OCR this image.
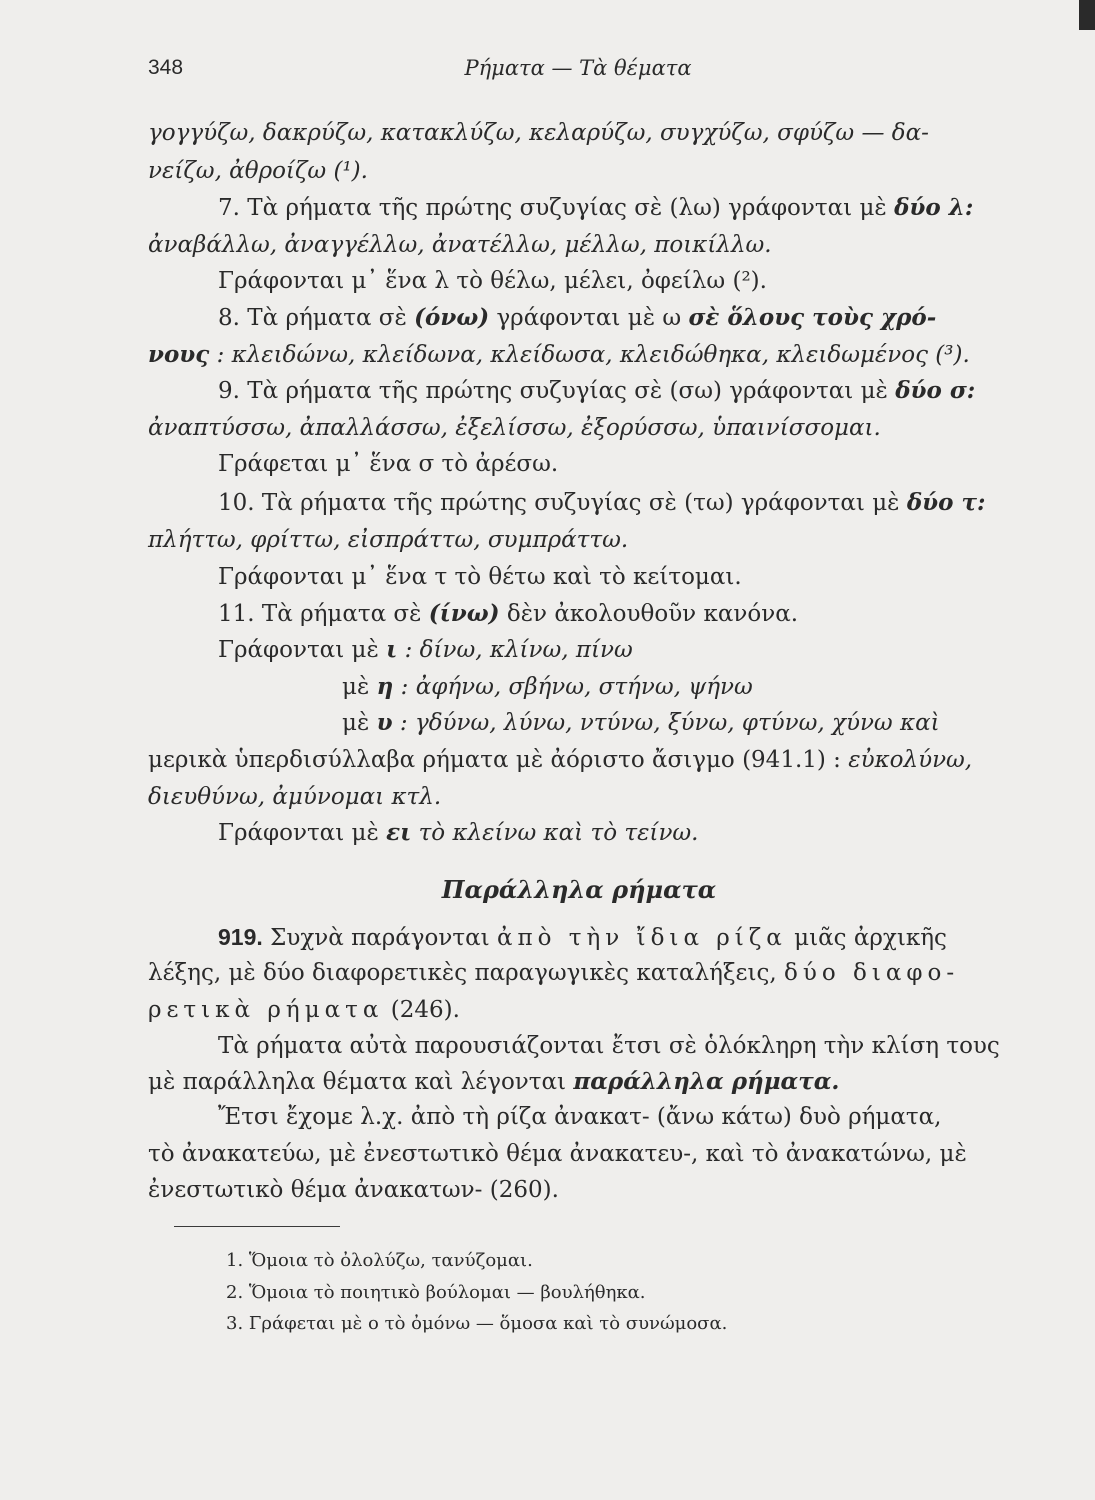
348	Ρήματα — Τὰ θέματα
γογγύζω, δακρύζω, κατακλύζω, κελαρύζω, συγχύζω, σφύζω — δα-
νείζω, ἀθροίζω (¹).
7. Τὰ ρήματα τῆς πρώτης συζυγίας σὲ (λω) γράφονται μὲ δύο λ:
ἀναβάλλω, ἀναγγέλλω, ἀνατέλλω, μέλλω, ποικίλλω.
Γράφονται μ᾽ ἕνα λ τὸ θέλω, μέλει, ὀφείλω (²).
8. Τὰ ρήματα σὲ (όνω) γράφονται μὲ ω σὲ ὅλους τοὺς χρό-
νους : κλειδώνω, κλείδωνα, κλείδωσα, κλειδώθηκα, κλειδωμένος (³).
9. Τὰ ρήματα τῆς πρώτης συζυγίας σὲ (σω) γράφονται μὲ δύο σ:
ἀναπτύσσω, ἀπαλλάσσω, ἐξελίσσω, ἐξορύσσω, ὑπαινίσσομαι.
Γράφεται μ᾽ ἕνα σ τὸ ἀρέσω.
10. Τὰ ρήματα τῆς πρώτης συζυγίας σὲ (τω) γράφονται μὲ δύο τ:
πλήττω, φρίττω, εἰσπράττω, συμπράττω.
Γράφονται μ᾽ ἕνα τ τὸ θέτω καὶ τὸ κείτομαι.
11. Τὰ ρήματα σὲ (ίνω) δὲν ἀκολουθοῦν κανόνα.
Γράφονται μὲ ι : δίνω, κλίνω, πίνω
μὲ η : ἀφήνω, σβήνω, στήνω, ψήνω
μὲ υ : γδύνω, λύνω, ντύνω, ξύνω, φτύνω, χύνω καὶ
μερικὰ ὑπερδισύλλαβα ρήματα μὲ ἀόριστο ἄσιγμο (941.1) : εὐκολύνω,
διευθύνω, ἀμύνομαι κτλ.
Γράφονται μὲ ει τὸ κλείνω καὶ τὸ τείνω.
Παράλληλα ρήματα
919. Συχνὰ παράγονται ἀπὸ τὴν ἴδια ρίζα μιᾶς ἀρχικῆς
λέξης, μὲ δύο διαφορετικὲς παραγωγικὲς καταλήξεις, δύο διαφο-
ρετικὰ ρήματα (246).
Τὰ ρήματα αὐτὰ παρουσιάζονται ἔτσι σὲ ὁλόκληρη τὴν κλίση τους
μὲ παράλληλα θέματα καὶ λέγονται παράλληλα ρήματα.
Ἔτσι ἔχομε λ.χ. ἀπὸ τὴ ρίζα ἀνακατ- (ἄνω κάτω) δυὸ ρήματα,
τὸ ἀνακατεύω, μὲ ἐνεστωτικὸ θέμα ἀνακατευ-, καὶ τὸ ἀνακατώνω, μὲ
ἐνεστωτικὸ θέμα ἀνακατων- (260).
1. Ὅμοια τὸ ὀλολύζω, τανύζομαι.
2. Ὅμοια τὸ ποιητικὸ βούλομαι — βουλήθηκα.
3. Γράφεται μὲ ο τὸ ὀμόνω — ὅμοσα καὶ τὸ συνώμοσα.
